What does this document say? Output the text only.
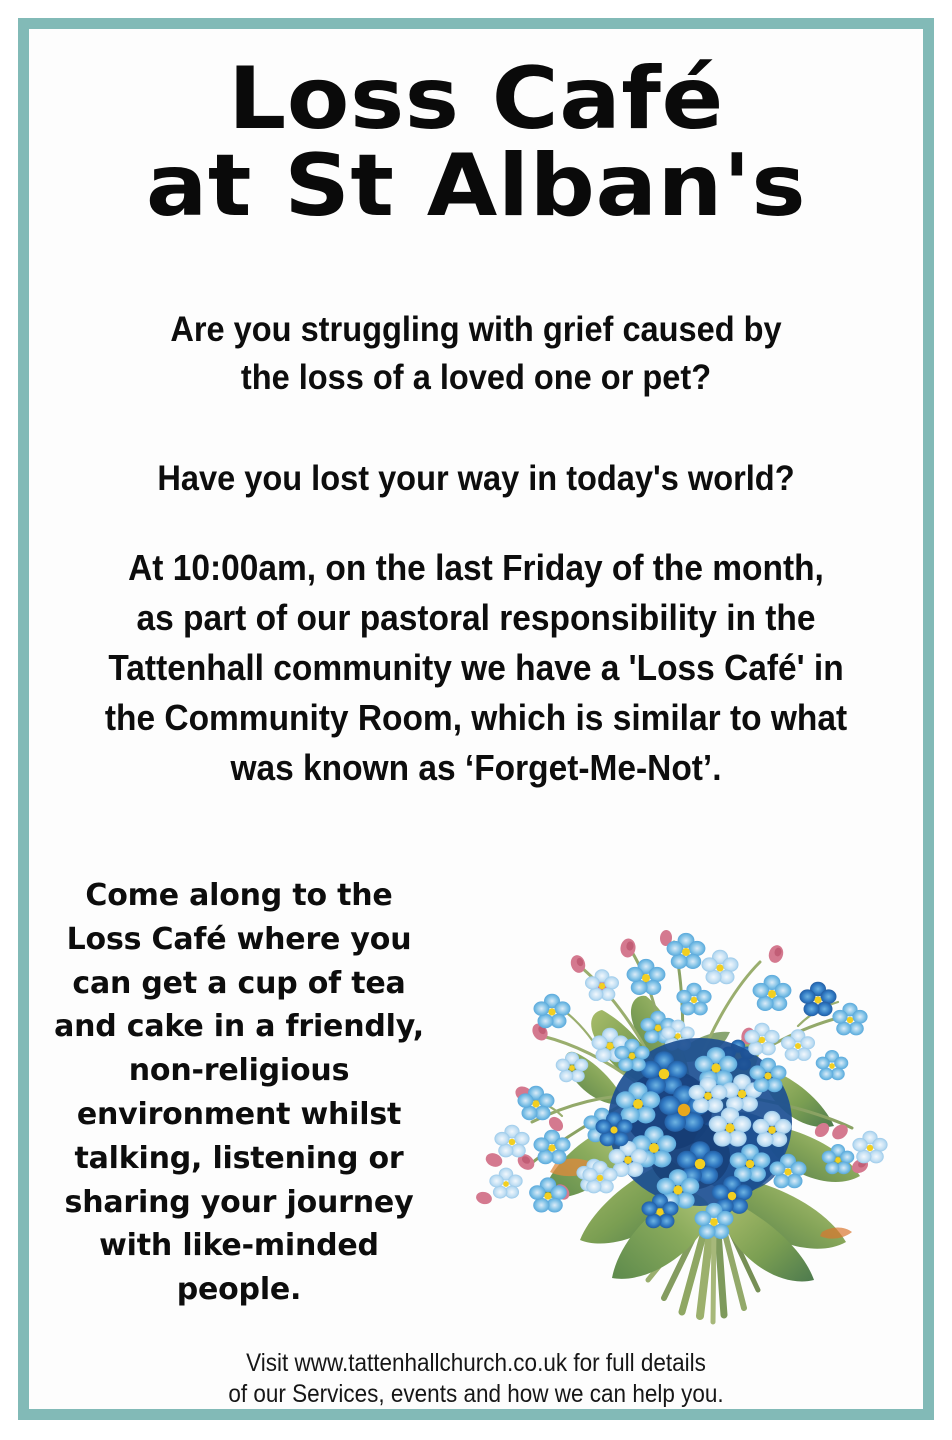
Loss Café
at St Alban's
Are you struggling with grief caused by
the loss of a loved one or pet?
Have you lost your way in today's world?
At 10:00am, on the last Friday of the month,
as part of our pastoral responsibility in the
Tattenhall community we have a 'Loss Café' in
the Community Room, which is similar to what
was known as ‘Forget-Me-Not’.
Come along to the
Loss Café where you
can get a cup of tea
and cake in a friendly,
non-religious
environment whilst
talking, listening or
sharing your journey
with like-minded
people.
Visit www.tattenhallchurch.co.uk for full details
of our Services, events and how we can help you.
